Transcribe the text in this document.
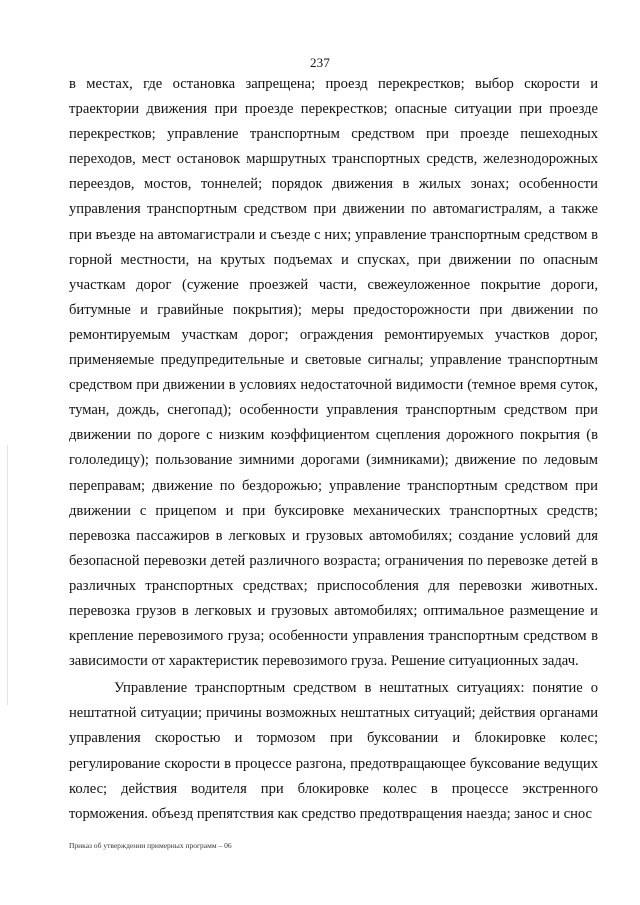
237

в местах, где остановка запрещена; проезд перекрестков; выбор скорости и траектории движения при проезде перекрестков; опасные ситуации при проезде перекрестков; управление транспортным средством при проезде пешеходных переходов, мест остановок маршрутных транспортных средств, железнодорожных переездов, мостов, тоннелей; порядок движения в жилых зонах; особенности управления транспортным средством при движении по автомагистралям, а также при въезде на автомагистрали и съезде с них; управление транспортным средством в горной местности, на крутых подъемах и спусках, при движении по опасным участкам дорог (сужение проезжей части, свежеуложенное покрытие дороги, битумные и гравийные покрытия); меры предосторожности при движении по ремонтируемым участкам дорог; ограждения ремонтируемых участков дорог, применяемые предупредительные и световые сигналы; управление транспортным средством при движении в условиях недостаточной видимости (темное время суток, туман, дождь, снегопад); особенности управления транспортным средством при движении по дороге с низким коэффициентом сцепления дорожного покрытия (в гололедицу); пользование зимними дорогами (зимниками); движение по ледовым переправам; движение по бездорожью; управление транспортным средством при движении с прицепом и при буксировке механических транспортных средств; перевозка пассажиров в легковых и грузовых автомобилях; создание условий для безопасной перевозки детей различного возраста; ограничения по перевозке детей в различных транспортных средствах; приспособления для перевозки животных. перевозка грузов в легковых и грузовых автомобилях; оптимальное размещение и крепление перевозимого груза; особенности управления транспортным средством в зависимости от характеристик перевозимого груза. Решение ситуационных задач.

Управление транспортным средством в нештатных ситуациях: понятие о нештатной ситуации; причины возможных нештатных ситуаций; действия органами управления скоростью и тормозом при буксовании и блокировке колес; регулирование скорости в процессе разгона, предотвращающее буксование ведущих колес; действия водителя при блокировке колес в процессе экстренного торможения. объезд препятствия как средство предотвращения наезда; занос и снос

Приказ об утверждении примерных программ – 06
